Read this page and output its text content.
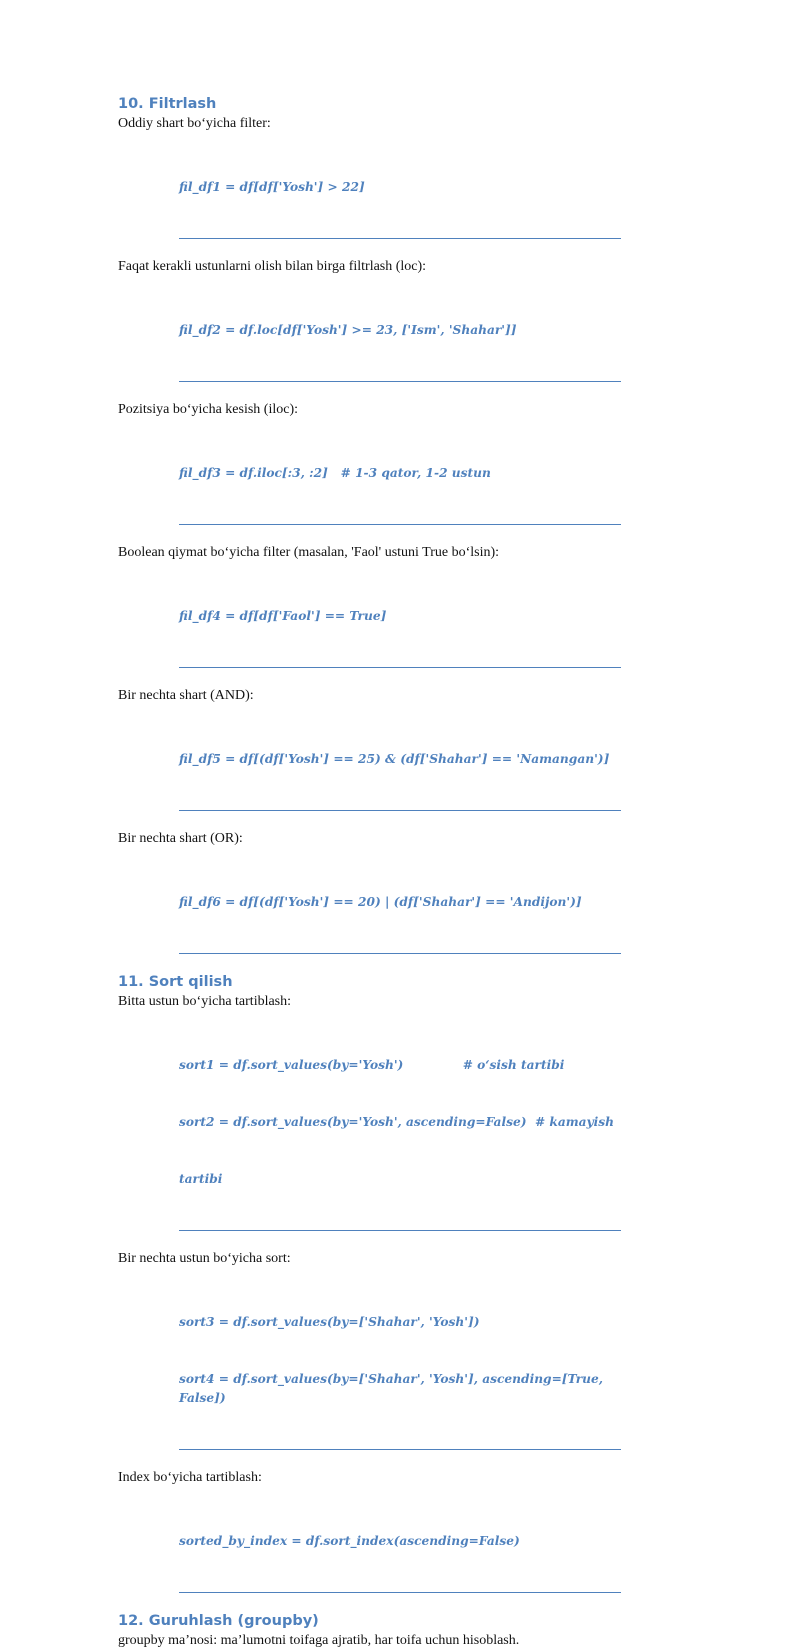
10. Filtrlash
Oddiy shart bo‘yicha filter:

fil_df1 = df[df['Yosh'] > 22]

Faqat kerakli ustunlarni olish bilan birga filtrlash (loc):

fil_df2 = df.loc[df['Yosh'] >= 23, ['Ism', 'Shahar']]

Pozitsiya bo‘yicha kesish (iloc):

fil_df3 = df.iloc[:3, :2]   # 1-3 qator, 1-2 ustun

Boolean qiymat bo‘yicha filter (masalan, 'Faol' ustuni True bo‘lsin):

fil_df4 = df[df['Faol'] == True]

Bir nechta shart (AND):

fil_df5 = df[(df['Yosh'] == 25) & (df['Shahar'] == 'Namangan')]

Bir nechta shart (OR):

fil_df6 = df[(df['Yosh'] == 20) | (df['Shahar'] == 'Andijon')]

11. Sort qilish
Bitta ustun bo‘yicha tartiblash:

sort1 = df.sort_values(by='Yosh')              # o‘sish tartibi

sort2 = df.sort_values(by='Yosh', ascending=False)  # kamayish

tartibi

Bir nechta ustun bo‘yicha sort:

sort3 = df.sort_values(by=['Shahar', 'Yosh'])

sort4 = df.sort_values(by=['Shahar', 'Yosh'], ascending=[True, False])

Index bo‘yicha tartiblash:

sorted_by_index = df.sort_index(ascending=False)

12. Guruhlash (groupby)
groupby ma’nosi: ma’lumotni toifaga ajratib, har toifa uchun hisoblash.
